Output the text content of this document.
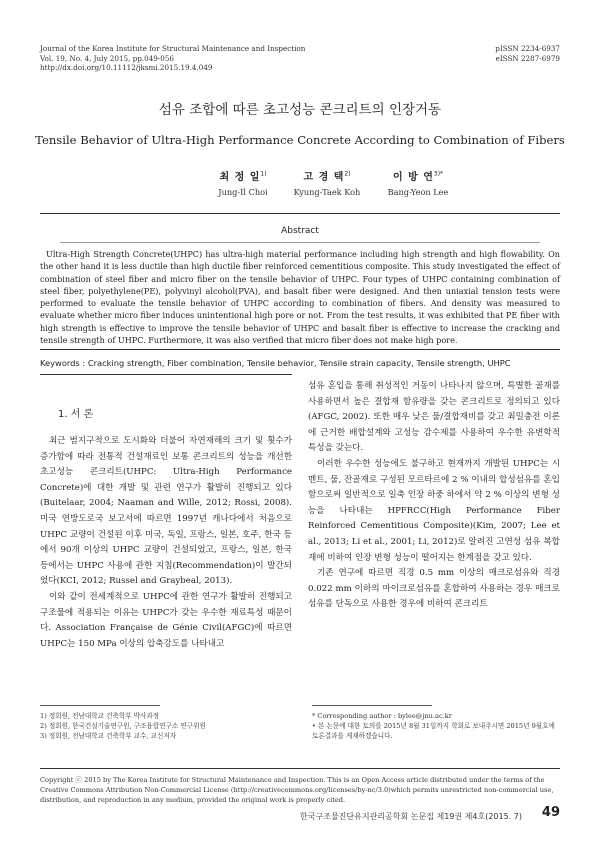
Journal of the Korea Institute for Structural Maintenance and Inspection
Vol. 19, No. 4, July 2015, pp.049-056
http://dx.doi.org/10.11112/jksmi.2015.19.4.049
pISSN 2234-6937
eISSN 2287-6979
섬유 조합에 따른 초고성능 콘크리트의 인장거동
Tensile Behavior of Ultra-High Performance Concrete According to Combination of Fibers
최 정 일$^{1)}$
Jung-Il Choi
고 경 택$^{2)}$
Kyung-Taek Koh
이 방 연$^{3)*}$
Bang-Yeon Lee
Abstract
Ultra-High Strength Concrete(UHPC) has ultra-high material performance including high strength and high flowability. On the other hand it is less ductile than high ductile fiber reinforced cementitious composite. This study investigated the effect of combination of steel fiber and micro fiber on the tensile behavior of UHPC. Four types of UHPC containing combination of steel fiber, polyethylene(PE), polyvinyl alcohol(PVA), and basalt fiber were designed. And then uniaxial tension tests were performed to evaluate the tensile behavior of UHPC according to combination of fibers. And density was measured to evaluate whether micro fiber induces unintentional high pore or not. From the test results, it was exhibited that PE fiber with high strength is effective to improve the tensile behavior of UHPC and basalt fiber is effective to increase the cracking and tensile strength of UHPC. Furthermore, it was also verified that micro fiber does not make high pore.
Keywords : Cracking strength, Fiber combination, Tensile behavior, Tensile strain capacity, Tensile strength, UHPC
1. 서 론

최근 범지구적으로 도시화와 더불어 자연재해의 크기 및 횟수가 증가함에 따라 전통적 건설재료인 보통 콘크리트의 성능을 개선한 초고성능 콘크리트(UHPC: Ultra-High Performance Concrete)에 대한 개발 및 관련 연구가 활발히 진행되고 있다 (Buitelaar, 2004; Naaman and Wille, 2012; Rossi, 2008). 미국 연방도로국 보고서에 따르면 1997년 캐나다에서 처음으로 UHPC 교량이 건설된 이후 미국, 독일, 프랑스, 일본, 호주, 한국 등에서 90개 이상의 UHPC 교량이 건설되었고, 프랑스, 일본, 한국 등에서는 UHPC 사용에 관한 지침(Recommendation)이 발간되었다(KCI, 2012; Russel and Graybeal, 2013).

이와 같이 전세계적으로 UHPC에 관한 연구가 활발히 진행되고 구조물에 적용되는 이유는 UHPC가 갖는 우수한 재료특성 때문이다. Association Française de Génie Civil(AFGC)에 따르면 UHPC는 150 MPa 이상의 압축강도를 나타내고

섬유 혼입을 통해 취성적인 거동이 나타나지 않으며, 특별한 골재를 사용하면서 높은 결합재 함유량을 갖는 콘크리트로 정의되고 있다(AFGC, 2002). 또한 매우 낮은 물/결합재비를 갖고 최밀충전 이론에 근거한 배합설계와 고성능 감수제를 사용하여 우수한 유변학적 특성을 갖는다.

이러한 우수한 성능에도 불구하고 현재까지 개발된 UHPC는 시멘트, 물, 잔골재로 구성된 모르타르에 2 % 이내의 합성섬유를 혼입함으로써 일반적으로 일축 인장 하중 하에서 약 2 % 이상의 변형 성능을 나타내는 HPFRCC(High Performance Fiber Reinforced Cementitious Composite)(Kim, 2007; Lee et al., 2013; Li et al., 2001; Li, 2012)로 알려진 고연성 섬유 복합재에 비하여 인장 변형 성능이 떨어지는 한계점을 갖고 있다.

기존 연구에 따르면 직경 0.5 mm 이상의 매크로섬유와 직경 0.022 mm 이하의 마이크로섬유를 혼합하여 사용하는 경우 매크로섬유를 단독으로 사용한 경우에 비하여 콘크리트

1) 정회원, 전남대학교 건축학부 박사과정
2) 정회원, 한국건설기술연구원, 구조융합연구소 연구위원
3) 정회원, 전남대학교 건축학부 교수, 교신저자
* Corresponding author : bylee@jnu.ac.kr
• 본 논문에 대한 토의를 2015년 8월 31일까지 학회로 보내주시면 2015년 9월호에 토론결과를 게재하겠습니다.
Copyright ⓒ 2015 by The Korea Institute for Structural Maintenance and Inspection. This is an Open Access article distributed under the terms of the Creative Commons Attribution Non-Commercial License (http://creativecommons.org/licenses/by-nc/3.0)which permits unrestricted non-commercial use, distribution, and reproduction in any medium, provided the original work is properly cited.
한국구조물진단유지관리공학회 논문집 제19권 제4호(2015. 7) 49
